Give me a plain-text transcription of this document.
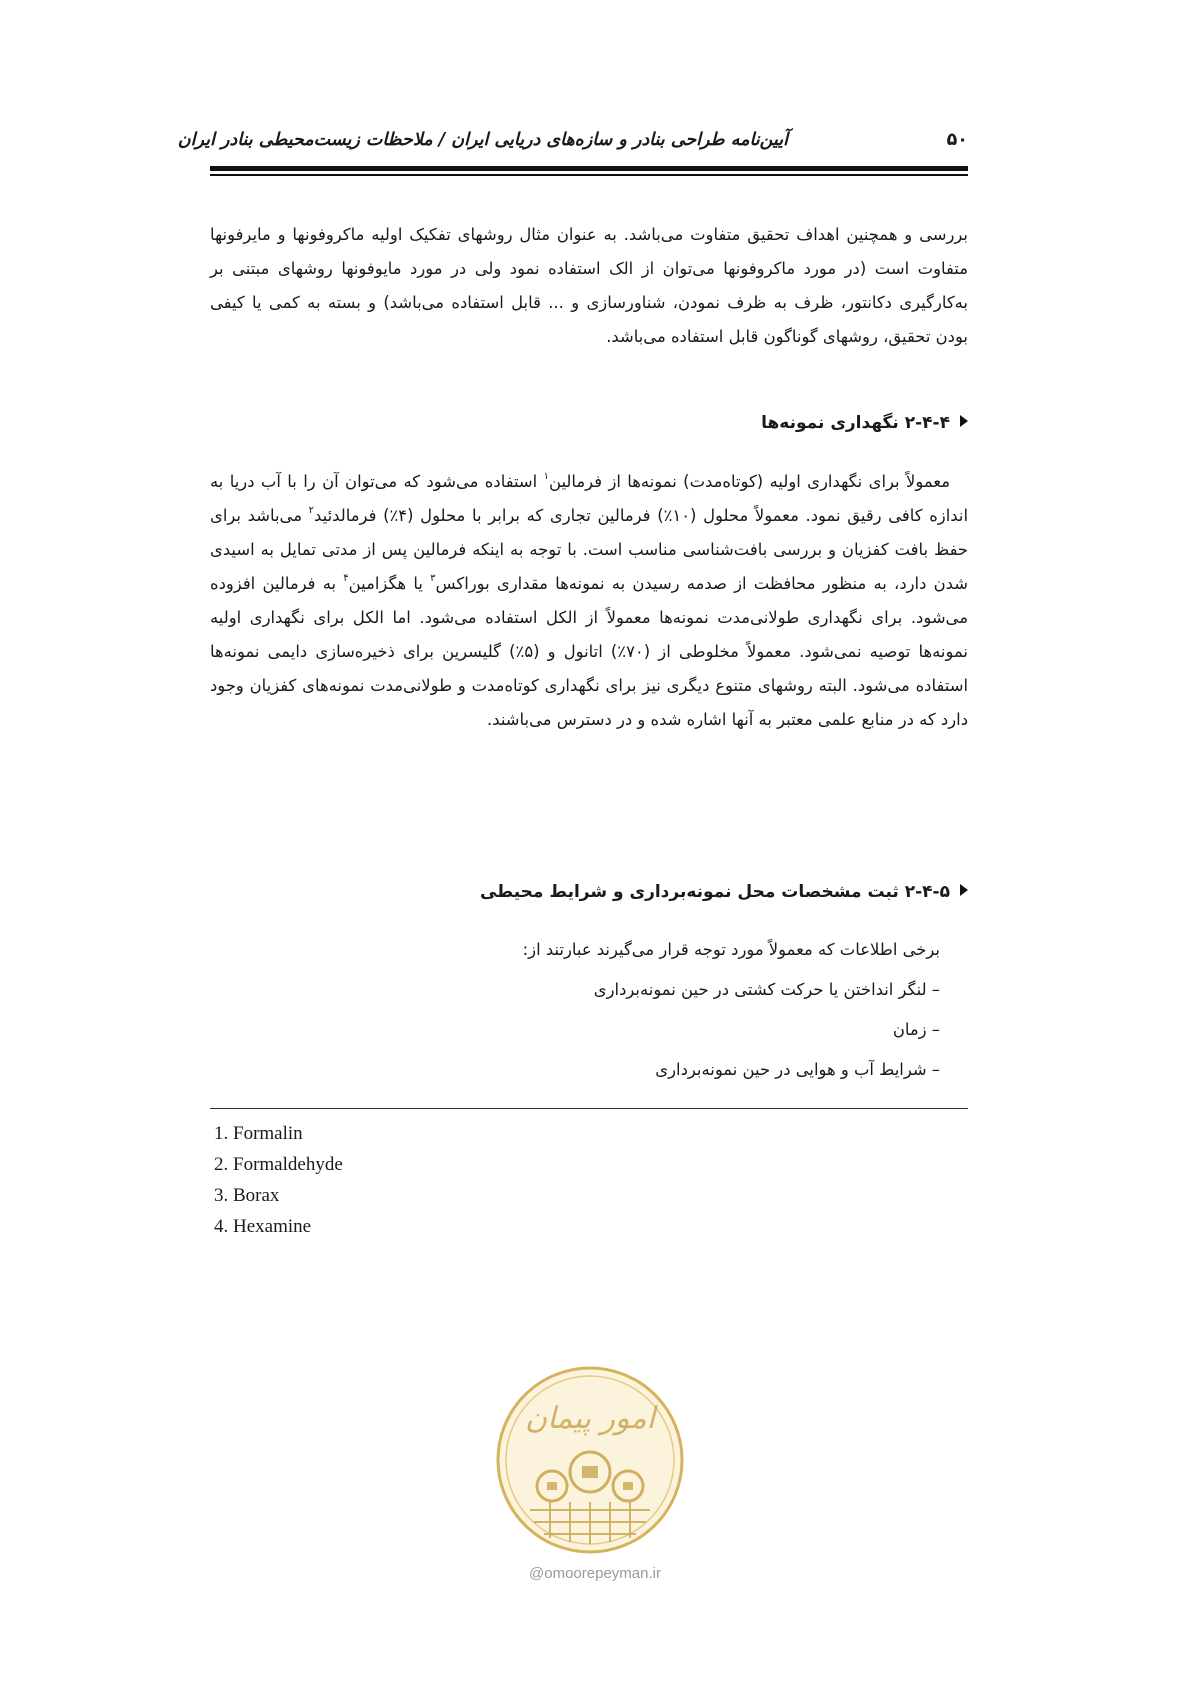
آیین‌نامه طراحی بنادر و سازه‌های دریایی ایران / ملاحظات زیست‌محیطی بنادر ایران	۵۰

بررسی و همچنین اهداف تحقیق متفاوت می‌باشد. به عنوان مثال روشهای تفکیک اولیه ماکروفونها و مایرفونها متفاوت است (در مورد ماکروفونها می‌توان از الک استفاده نمود ولی در مورد مایوفونها روشهای مبتنی بر به‌کارگیری دکانتور، ظرف به ظرف نمودن، شناورسازی و ... قابل استفاده می‌باشد) و بسته به کمی یا کیفی بودن تحقیق، روشهای گوناگون قابل استفاده می‌باشد.

۲-۴-۴ نگهداری نمونه‌ها

معمولاً برای نگهداری اولیه (کوتاه‌مدت) نمونه‌ها از فرمالین$^۱$ استفاده می‌شود که می‌توان آن را با آب دریا به اندازه کافی رقیق نمود. معمولاً محلول (۱۰٪) فرمالین تجاری که برابر با محلول (۴٪) فرمالدئید$^۲$ می‌باشد برای حفظ بافت کفزیان و بررسی بافت‌شناسی مناسب است. با توجه به اینکه فرمالین پس از مدتی تمایل به اسیدی شدن دارد، به منظور محافظت از صدمه رسیدن به نمونه‌ها مقداری بوراکس$^۳$ یا هگزامین$^۴$ به فرمالین افزوده می‌شود. برای نگهداری طولانی‌مدت نمونه‌ها معمولاً از الکل استفاده می‌شود. اما الکل برای نگهداری اولیه نمونه‌ها توصیه نمی‌شود. معمولاً مخلوطی از (۷۰٪) اتانول و (۵٪) گلیسرین برای ذخیره‌سازی دایمی نمونه‌ها استفاده می‌شود. البته روشهای متنوع دیگری نیز برای نگهداری کوتاه‌مدت و طولانی‌مدت نمونه‌های کفزیان وجود دارد که در منابع علمی معتبر به آنها اشاره شده و در دسترس می‌باشند.

۲-۴-۵ ثبت مشخصات محل نمونه‌برداری و شرایط محیطی
برخی اطلاعات که معمولاً مورد توجه قرار می‌گیرند عبارتند از:
– لنگر انداختن یا حرکت کشتی در حین نمونه‌برداری
– زمان
– شرایط آب و هوایی در حین نمونه‌برداری
1. Formalin
2. Formaldehyde
3. Borax
4. Hexamine
امور پیمان
@omoorepeyman.ir
